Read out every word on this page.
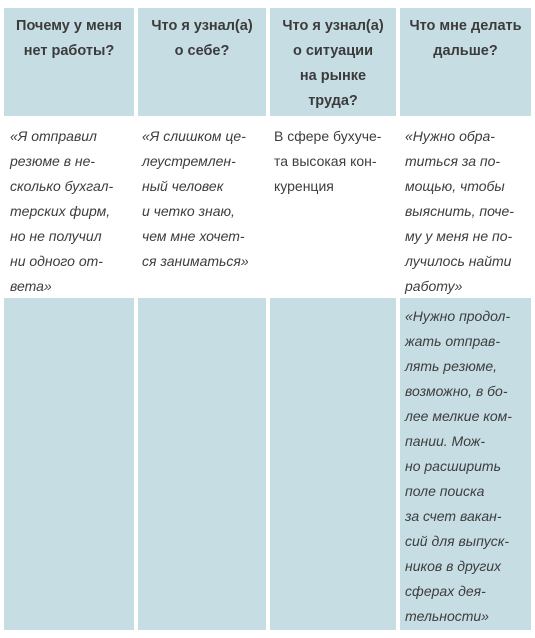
Почему у меня
нет работы?
Что я узнал(а)
о себе?
Что я узнал(а)
о ситуации
на рынке
труда?
Что мне делать
дальше?
«Я отправил
резюме в не-
сколько бухгал-
терских фирм,
но не получил
ни одного от-
вета»
«Я слишком це-
леустремлен-
ный человек
и четко знаю,
чем мне хочет-
ся заниматься»
В сфере бухуче-
та высокая кон-
куренция
«Нужно обра-
титься за по-
мощью, чтобы
выяснить, поче-
му у меня не по-
лучилось найти
работу»
«Нужно продол-
жать отправ-
лять резюме,
возможно, в бо-
лее мелкие ком-
пании. Мож-
но расширить
поле поиска
за счет вакан-
сий для выпуск-
ников в других
сферах дея-
тельности»
